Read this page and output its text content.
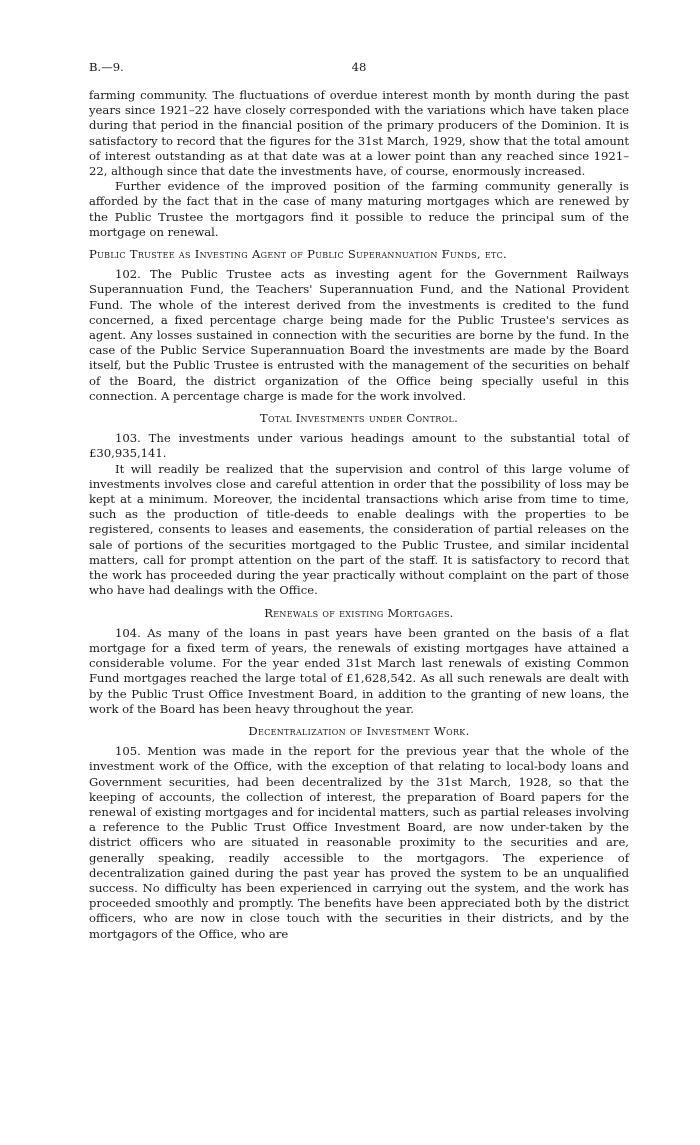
B.—9.	48

farming community. The fluctuations of overdue interest month by month during the past years since 1921–22 have closely corresponded with the variations which have taken place during that period in the financial position of the primary producers of the Dominion. It is satisfactory to record that the figures for the 31st March, 1929, show that the total amount of interest outstanding as at that date was at a lower point than any reached since 1921–22, although since that date the investments have, of course, enormously increased.

Further evidence of the improved position of the farming community generally is afforded by the fact that in the case of many maturing mortgages which are renewed by the Public Trustee the mortgagors find it possible to reduce the principal sum of the mortgage on renewal.

Public Trustee as Investing Agent of Public Superannuation Funds, etc.

102. The Public Trustee acts as investing agent for the Government Railways Superannuation Fund, the Teachers' Superannuation Fund, and the National Provident Fund. The whole of the interest derived from the investments is credited to the fund concerned, a fixed percentage charge being made for the Public Trustee's services as agent. Any losses sustained in connection with the securities are borne by the fund. In the case of the Public Service Superannuation Board the investments are made by the Board itself, but the Public Trustee is entrusted with the management of the securities on behalf of the Board, the district organization of the Office being specially useful in this connection. A percentage charge is made for the work involved.

Total Investments under Control.

103. The investments under various headings amount to the substantial total of £30,935,141.

It will readily be realized that the supervision and control of this large volume of investments involves close and careful attention in order that the possibility of loss may be kept at a minimum. Moreover, the incidental transactions which arise from time to time, such as the production of title-deeds to enable dealings with the properties to be registered, consents to leases and easements, the consideration of partial releases on the sale of portions of the securities mortgaged to the Public Trustee, and similar incidental matters, call for prompt attention on the part of the staff. It is satisfactory to record that the work has proceeded during the year practically without complaint on the part of those who have had dealings with the Office.

Renewals of existing Mortgages.

104. As many of the loans in past years have been granted on the basis of a flat mortgage for a fixed term of years, the renewals of existing mortgages have attained a considerable volume. For the year ended 31st March last renewals of existing Common Fund mortgages reached the large total of £1,628,542. As all such renewals are dealt with by the Public Trust Office Investment Board, in addition to the granting of new loans, the work of the Board has been heavy throughout the year.

Decentralization of Investment Work.

105. Mention was made in the report for the previous year that the whole of the investment work of the Office, with the exception of that relating to local-body loans and Government securities, had been decentralized by the 31st March, 1928, so that the keeping of accounts, the collection of interest, the preparation of Board papers for the renewal of existing mortgages and for incidental matters, such as partial releases involving a reference to the Public Trust Office Investment Board, are now under-taken by the district officers who are situated in reasonable proximity to the securities and are, generally speaking, readily accessible to the mortgagors. The experience of decentralization gained during the past year has proved the system to be an unqualified success. No difficulty has been experienced in carrying out the system, and the work has proceeded smoothly and promptly. The benefits have been appreciated both by the district officers, who are now in close touch with the securities in their districts, and by the mortgagors of the Office, who are
